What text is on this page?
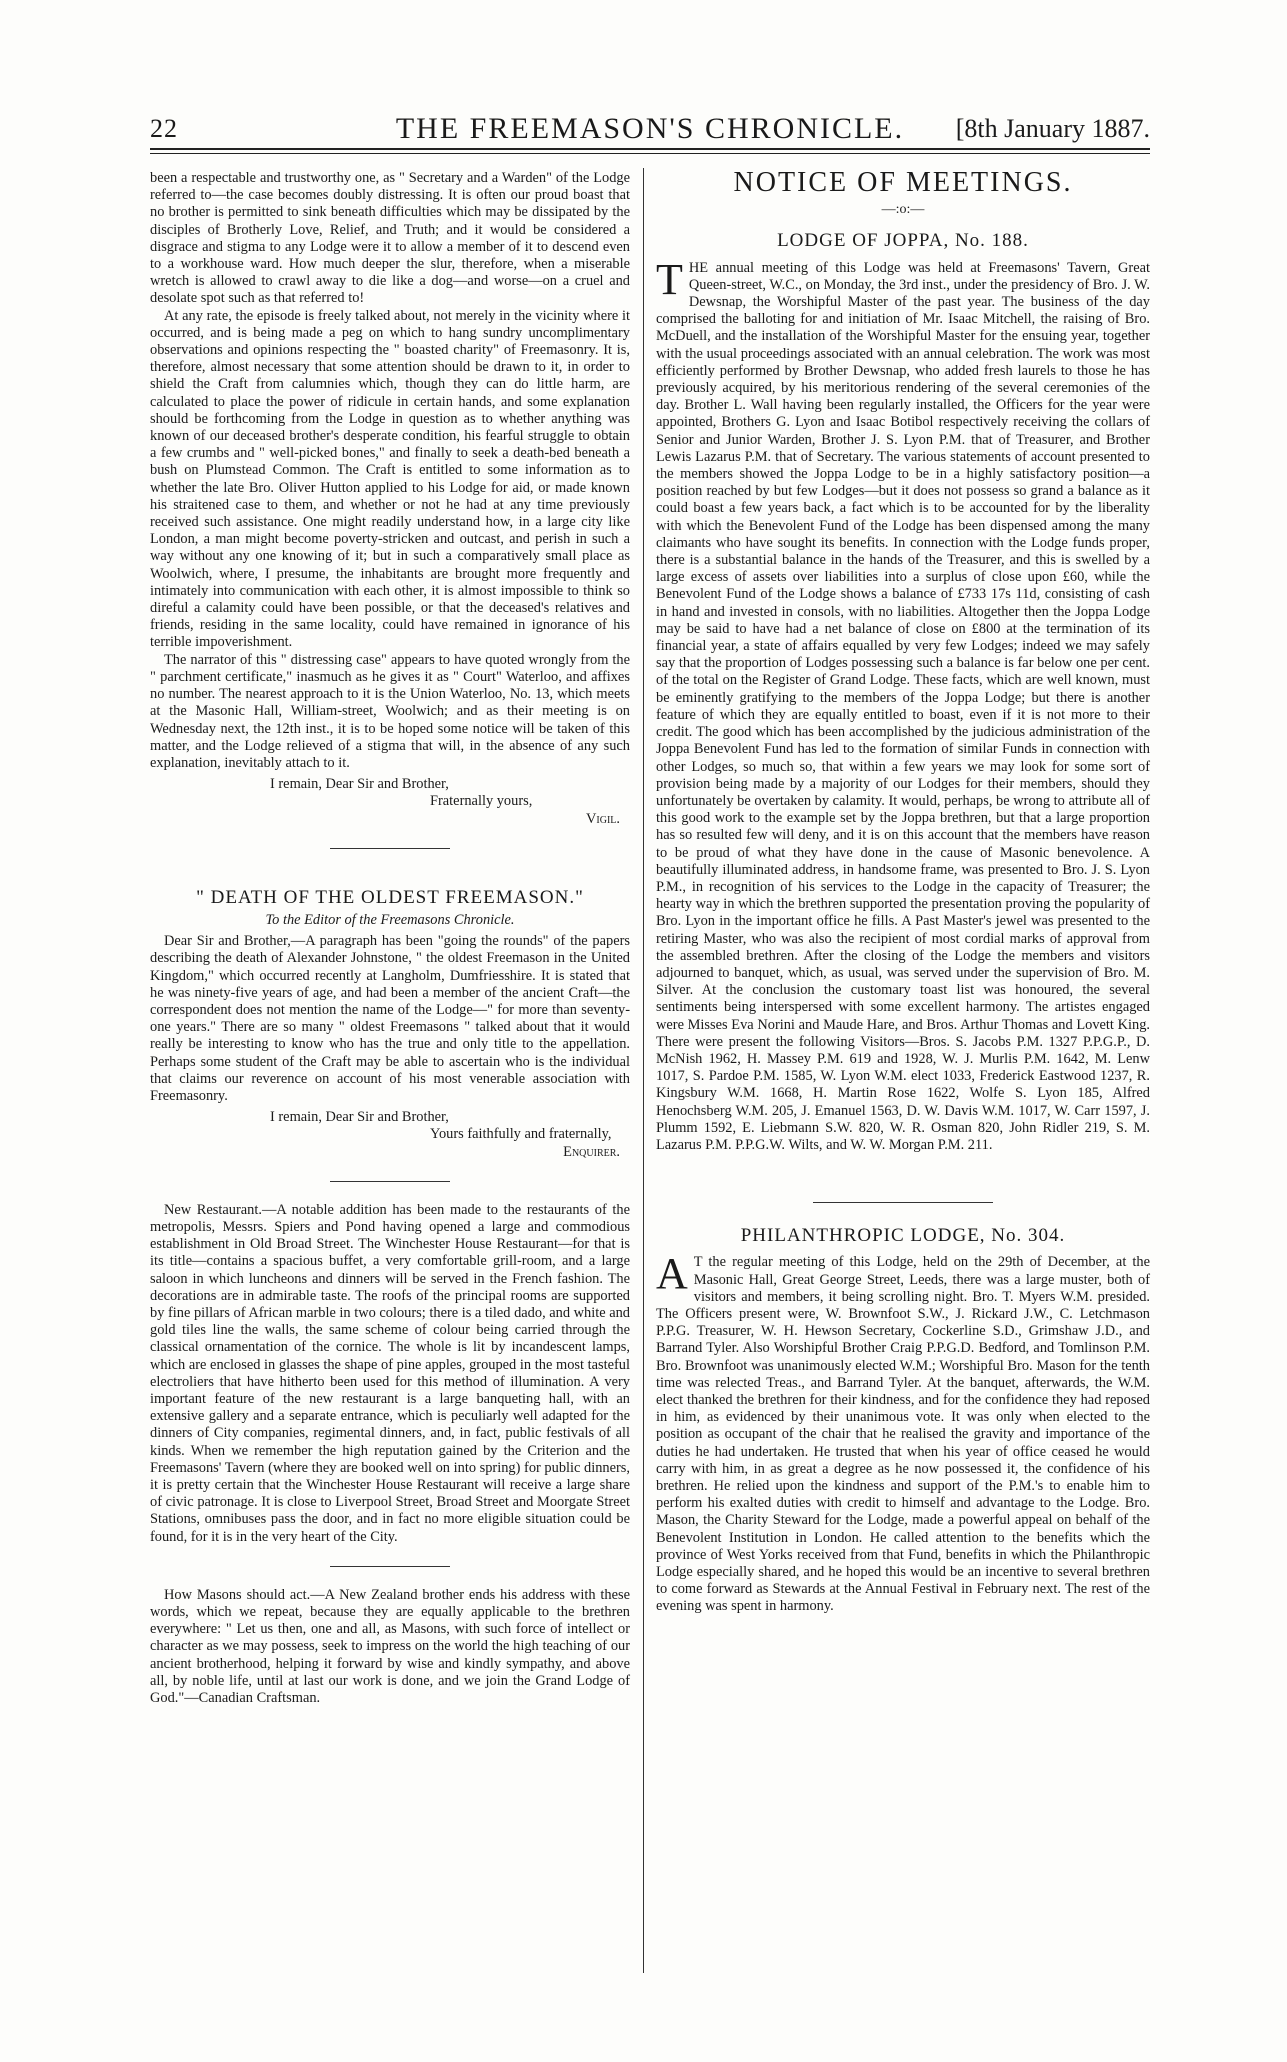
22	THE FREEMASON'S CHRONICLE.	[8th January 1887.

been a respectable and trustworthy one, as " Secretary and a Warden" of the Lodge referred to—the case becomes doubly distressing. It is often our proud boast that no brother is permitted to sink beneath difficulties which may be dissipated by the disciples of Brotherly Love, Relief, and Truth; and it would be considered a disgrace and stigma to any Lodge were it to allow a member of it to descend even to a workhouse ward. How much deeper the slur, therefore, when a miserable wretch is allowed to crawl away to die like a dog—and worse—on a cruel and desolate spot such as that referred to!

At any rate, the episode is freely talked about, not merely in the vicinity where it occurred, and is being made a peg on which to hang sundry uncomplimentary observations and opinions respecting the " boasted charity" of Freemasonry. It is, therefore, almost necessary that some attention should be drawn to it, in order to shield the Craft from calumnies which, though they can do little harm, are calculated to place the power of ridicule in certain hands, and some explanation should be forthcoming from the Lodge in question as to whether anything was known of our deceased brother's desperate condition, his fearful struggle to obtain a few crumbs and " well-picked bones," and finally to seek a death-bed beneath a bush on Plumstead Common. The Craft is entitled to some information as to whether the late Bro. Oliver Hutton applied to his Lodge for aid, or made known his straitened case to them, and whether or not he had at any time previously received such assistance. One might readily understand how, in a large city like London, a man might become poverty-stricken and outcast, and perish in such a way without any one knowing of it; but in such a comparatively small place as Woolwich, where, I presume, the inhabitants are brought more frequently and intimately into communication with each other, it is almost impossible to think so direful a calamity could have been possible, or that the deceased's relatives and friends, residing in the same locality, could have remained in ignorance of his terrible impoverishment.

The narrator of this " distressing case" appears to have quoted wrongly from the " parchment certificate," inasmuch as he gives it as " Court" Waterloo, and affixes no number. The nearest approach to it is the Union Waterloo, No. 13, which meets at the Masonic Hall, William-street, Woolwich; and as their meeting is on Wednesday next, the 12th inst., it is to be hoped some notice will be taken of this matter, and the Lodge relieved of a stigma that will, in the absence of any such explanation, inevitably attach to it.

I remain, Dear Sir and Brother,

Fraternally yours,

Vigil.

" DEATH OF THE OLDEST FREEMASON."

To the Editor of the Freemasons Chronicle.

Dear Sir and Brother,—A paragraph has been "going the rounds" of the papers describing the death of Alexander Johnstone, " the oldest Freemason in the United Kingdom," which occurred recently at Langholm, Dumfriesshire. It is stated that he was ninety-five years of age, and had been a member of the ancient Craft—the correspondent does not mention the name of the Lodge—" for more than seventy-one years." There are so many " oldest Freemasons " talked about that it would really be interesting to know who has the true and only title to the appellation. Perhaps some student of the Craft may be able to ascertain who is the individual that claims our reverence on account of his most venerable association with Freemasonry.

I remain, Dear Sir and Brother,

Yours faithfully and fraternally,

Enquirer.

New Restaurant.—A notable addition has been made to the restaurants of the metropolis, Messrs. Spiers and Pond having opened a large and commodious establishment in Old Broad Street. The Winchester House Restaurant—for that is its title—contains a spacious buffet, a very comfortable grill-room, and a large saloon in which luncheons and dinners will be served in the French fashion. The decorations are in admirable taste. The roofs of the principal rooms are supported by fine pillars of African marble in two colours; there is a tiled dado, and white and gold tiles line the walls, the same scheme of colour being carried through the classical ornamentation of the cornice. The whole is lit by incandescent lamps, which are enclosed in glasses the shape of pine apples, grouped in the most tasteful electroliers that have hitherto been used for this method of illumination. A very important feature of the new restaurant is a large banqueting hall, with an extensive gallery and a separate entrance, which is peculiarly well adapted for the dinners of City companies, regimental dinners, and, in fact, public festivals of all kinds. When we remember the high reputation gained by the Criterion and the Freemasons' Tavern (where they are booked well on into spring) for public dinners, it is pretty certain that the Winchester House Restaurant will receive a large share of civic patronage. It is close to Liverpool Street, Broad Street and Moorgate Street Stations, omnibuses pass the door, and in fact no more eligible situation could be found, for it is in the very heart of the City.

How Masons should act.—A New Zealand brother ends his address with these words, which we repeat, because they are equally applicable to the brethren everywhere: " Let us then, one and all, as Masons, with such force of intellect or character as we may possess, seek to impress on the world the high teaching of our ancient brotherhood, helping it forward by wise and kindly sympathy, and above all, by noble life, until at last our work is done, and we join the Grand Lodge of God."—Canadian Craftsman.

NOTICE OF MEETINGS.
—:o:—
LODGE OF JOPPA, No. 188.

THE annual meeting of this Lodge was held at Freemasons' Tavern, Great Queen-street, W.C., on Monday, the 3rd inst., under the presidency of Bro. J. W. Dewsnap, the Worshipful Master of the past year. The business of the day comprised the balloting for and initiation of Mr. Isaac Mitchell, the raising of Bro. McDuell, and the installation of the Worshipful Master for the ensuing year, together with the usual proceedings associated with an annual celebration. The work was most efficiently performed by Brother Dewsnap, who added fresh laurels to those he has previously acquired, by his meritorious rendering of the several ceremonies of the day. Brother L. Wall having been regularly installed, the Officers for the year were appointed, Brothers G. Lyon and Isaac Botibol respectively receiving the collars of Senior and Junior Warden, Brother J. S. Lyon P.M. that of Treasurer, and Brother Lewis Lazarus P.M. that of Secretary. The various statements of account presented to the members showed the Joppa Lodge to be in a highly satisfactory position—a position reached by but few Lodges—but it does not possess so grand a balance as it could boast a few years back, a fact which is to be accounted for by the liberality with which the Benevolent Fund of the Lodge has been dispensed among the many claimants who have sought its benefits. In connection with the Lodge funds proper, there is a substantial balance in the hands of the Treasurer, and this is swelled by a large excess of assets over liabilities into a surplus of close upon £60, while the Benevolent Fund of the Lodge shows a balance of £733 17s 11d, consisting of cash in hand and invested in consols, with no liabilities. Altogether then the Joppa Lodge may be said to have had a net balance of close on £800 at the termination of its financial year, a state of affairs equalled by very few Lodges; indeed we may safely say that the proportion of Lodges possessing such a balance is far below one per cent. of the total on the Register of Grand Lodge. These facts, which are well known, must be eminently gratifying to the members of the Joppa Lodge; but there is another feature of which they are equally entitled to boast, even if it is not more to their credit. The good which has been accomplished by the judicious administration of the Joppa Benevolent Fund has led to the formation of similar Funds in connection with other Lodges, so much so, that within a few years we may look for some sort of provision being made by a majority of our Lodges for their members, should they unfortunately be overtaken by calamity. It would, perhaps, be wrong to attribute all of this good work to the example set by the Joppa brethren, but that a large proportion has so resulted few will deny, and it is on this account that the members have reason to be proud of what they have done in the cause of Masonic benevolence. A beautifully illuminated address, in handsome frame, was presented to Bro. J. S. Lyon P.M., in recognition of his services to the Lodge in the capacity of Treasurer; the hearty way in which the brethren supported the presentation proving the popularity of Bro. Lyon in the important office he fills. A Past Master's jewel was presented to the retiring Master, who was also the recipient of most cordial marks of approval from the assembled brethren. After the closing of the Lodge the members and visitors adjourned to banquet, which, as usual, was served under the supervision of Bro. M. Silver. At the conclusion the customary toast list was honoured, the several sentiments being interspersed with some excellent harmony. The artistes engaged were Misses Eva Norini and Maude Hare, and Bros. Arthur Thomas and Lovett King. There were present the following Visitors—Bros. S. Jacobs P.M. 1327 P.P.G.P., D. McNish 1962, H. Massey P.M. 619 and 1928, W. J. Murlis P.M. 1642, M. Lenw 1017, S. Pardoe P.M. 1585, W. Lyon W.M. elect 1033, Frederick Eastwood 1237, R. Kingsbury W.M. 1668, H. Martin Rose 1622, Wolfe S. Lyon 185, Alfred Henochsberg W.M. 205, J. Emanuel 1563, D. W. Davis W.M. 1017, W. Carr 1597, J. Plumm 1592, E. Liebmann S.W. 820, W. R. Osman 820, John Ridler 219, S. M. Lazarus P.M. P.P.G.W. Wilts, and W. W. Morgan P.M. 211.

PHILANTHROPIC LODGE, No. 304.

A T the regular meeting of this Lodge, held on the 29th of December, at the Masonic Hall, Great George Street, Leeds, there was a large muster, both of visitors and members, it being scrolling night. Bro. T. Myers W.M. presided. The Officers present were, W. Brownfoot S.W., J. Rickard J.W., C. Letchmason P.P.G. Treasurer, W. H. Hewson Secretary, Cockerline S.D., Grimshaw J.D., and Barrand Tyler. Also Worshipful Brother Craig P.P.G.D. Bedford, and Tomlinson P.M. Bro. Brownfoot was unanimously elected W.M.; Worshipful Bro. Mason for the tenth time was relected Treas., and Barrand Tyler. At the banquet, afterwards, the W.M. elect thanked the brethren for their kindness, and for the confidence they had reposed in him, as evidenced by their unanimous vote. It was only when elected to the position as occupant of the chair that he realised the gravity and importance of the duties he had undertaken. He trusted that when his year of office ceased he would carry with him, in as great a degree as he now possessed it, the confidence of his brethren. He relied upon the kindness and support of the P.M.'s to enable him to perform his exalted duties with credit to himself and advantage to the Lodge. Bro. Mason, the Charity Steward for the Lodge, made a powerful appeal on behalf of the Benevolent Institution in London. He called attention to the benefits which the province of West Yorks received from that Fund, benefits in which the Philanthropic Lodge especially shared, and he hoped this would be an incentive to several brethren to come forward as Stewards at the Annual Festival in February next. The rest of the evening was spent in harmony.
